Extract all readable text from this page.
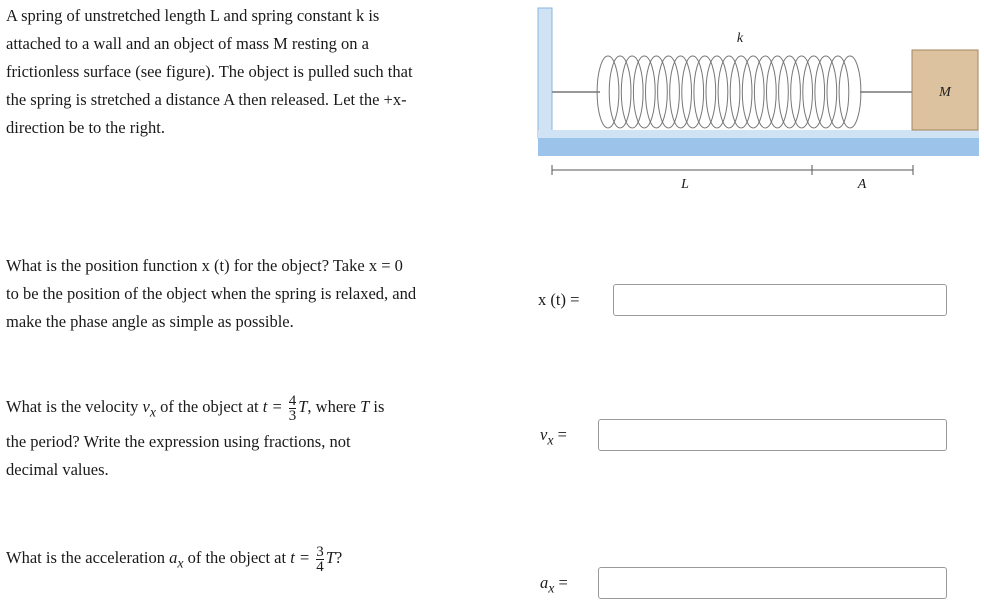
A spring of unstretched length L and spring constant k is
attached to a wall and an object of mass M resting on a
frictionless surface (see figure). The object is pulled such that
the spring is stretched a distance A then released. Let the +x-
direction be to the right.
M
k
L	A
What is the position function x (t) for the object? Take x = 0
to be the position of the object when the spring is relaxed, and
make the phase angle as simple as possible.
x (t) =
What is the velocity $v_x$ of the object at $t = \frac{4}{3} T$, where T is
the period? Write the expression using fractions, not
decimal values.
$v_x$ =
What is the acceleration $a_x$ of the object at $t = \frac{3}{4} T$?
$a_x$ =
